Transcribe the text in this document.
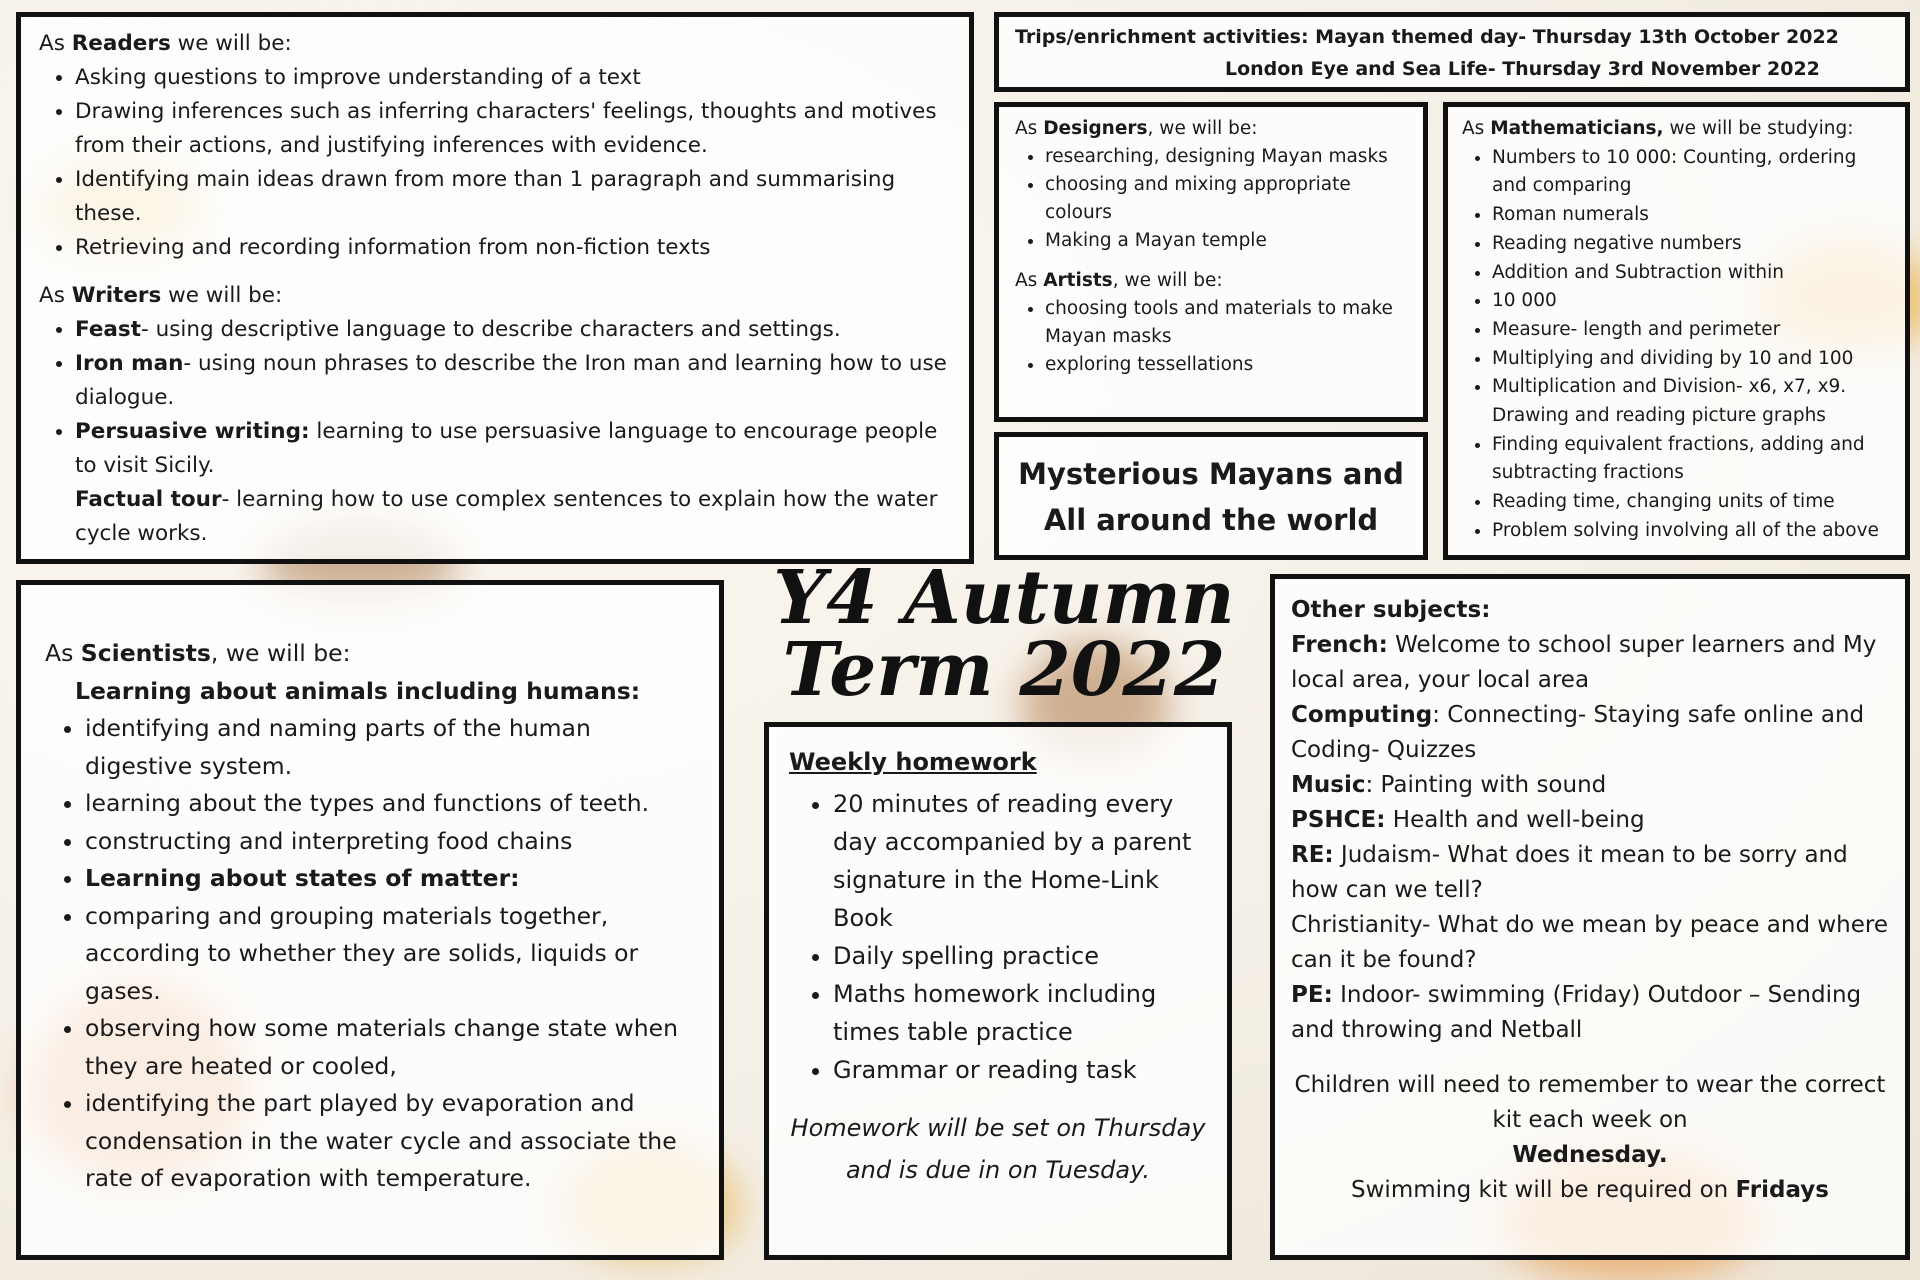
As Readers we will be:

• Asking questions to improve understanding of a text
• Drawing inferences such as inferring characters' feelings, thoughts and motives from their actions, and justifying inferences with evidence.
• Identifying main ideas drawn from more than 1 paragraph and summarising these.
• Retrieving and recording information from non-fiction texts

As Writers we will be:

• Feast- using descriptive language to describe characters and settings.
• Iron man- using noun phrases to describe the Iron man and learning how to use dialogue.
• Persuasive writing: learning to use persuasive language to encourage people to visit Sicily.
Factual tour- learning how to use complex sentences to explain how the water cycle works.
Trips/enrichment activities: Mayan themed day- Thursday 13th October 2022
London Eye and Sea Life- Thursday 3rd November 2022

As Designers, we will be:

• researching, designing Mayan masks
• choosing and mixing appropriate colours
• Making a Mayan temple

As Artists, we will be:

• choosing tools and materials to make Mayan masks
• exploring tessellations
Mysterious Mayans and
All around the world

As Mathematicians, we will be studying:

• Numbers to 10 000: Counting, ordering and comparing
• Roman numerals
• Reading negative numbers
• Addition and Subtraction within
• 10 000
• Measure- length and perimeter
• Multiplying and dividing by 10 and 100
• Multiplication and Division- x6, x7, x9. Drawing and reading picture graphs
• Finding equivalent fractions, adding and subtracting fractions
• Reading time, changing units of time
• Problem solving involving all of the above

As Scientists, we will be:

Learning about animals including humans:
• identifying and naming parts of the human digestive system.
• learning about the types and functions of teeth.
• constructing and interpreting food chains
• Learning about states of matter:
• comparing and grouping materials together, according to whether they are solids, liquids or gases.
• observing how some materials change state when they are heated or cooled,
• identifying the part played by evaporation and condensation in the water cycle and associate the rate of evaporation with temperature.
Y4 Autumn
Term 2022
Weekly homework
• 20 minutes of reading every day accompanied by a parent signature in the Home-Link Book
• Daily spelling practice
• Maths homework including times table practice
• Grammar or reading task
Homework will be set on Thursday and is due in on Tuesday.
Other subjects:
French: Welcome to school super learners and My local area, your local area
Computing: Connecting- Staying safe online and Coding- Quizzes
Music: Painting with sound
PSHCE: Health and well-being
RE: Judaism- What does it mean to be sorry and how can we tell?
Christianity- What do we mean by peace and where can it be found?
PE: Indoor- swimming (Friday) Outdoor – Sending and throwing and Netball
Children will need to remember to wear the correct kit each week on
Wednesday.
Swimming kit will be required on Fridays
